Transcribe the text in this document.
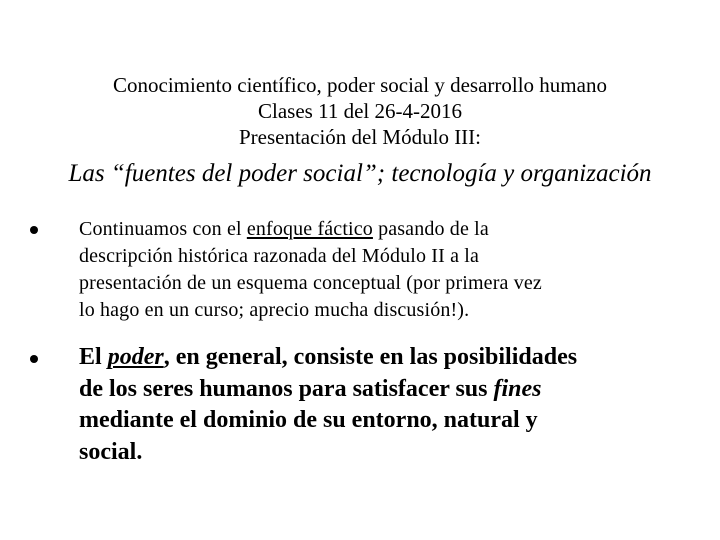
Conocimiento científico, poder social y desarrollo humano
Clases 11 del 26-4-2016
Presentación del Módulo III:
Las “fuentes del poder social”; tecnología y organización
Continuamos con el enfoque fáctico pasando de la
descripción histórica razonada del Módulo II a la
presentación de un esquema conceptual (por primera vez
lo hago en un curso; aprecio mucha discusión!).
El poder, en general, consiste en las posibilidades
de los seres humanos para satisfacer sus fines
mediante el dominio de su entorno, natural y
social.
